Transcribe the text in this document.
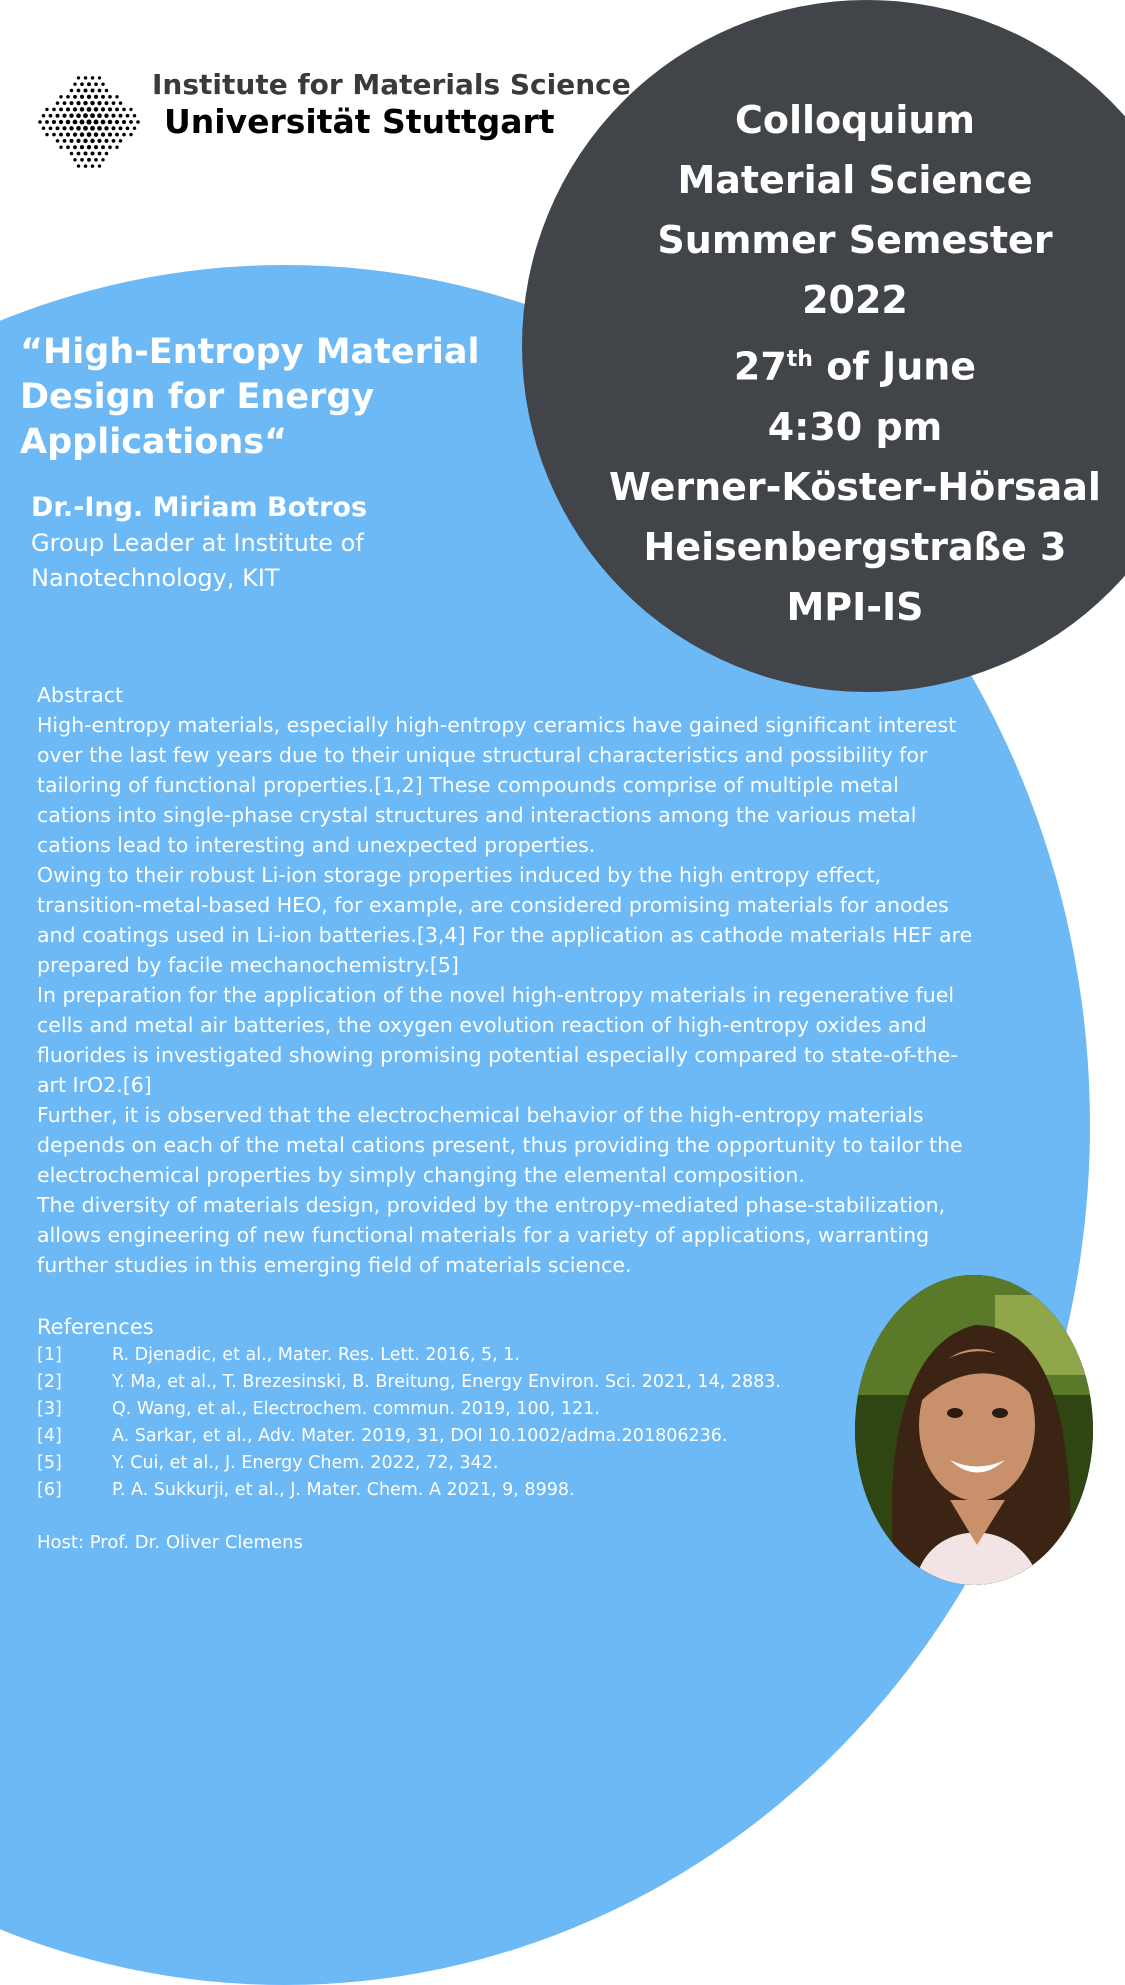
Institute for Materials Science
Universität Stuttgart	Colloquium
Material Science
Summer Semester
2022
27th of June
4:30 pm
Werner-Köster-Hörsaal
Heisenbergstraße 3
MPI-IS
“High-Entropy Material Design for Energy Applications“
Dr.-Ing. Miriam Botros
Group Leader at Institute of Nanotechnology, KIT

Abstract

High-entropy materials, especially high-entropy ceramics have gained significant interest over the last few years due to their unique structural characteristics and possibility for tailoring of functional properties.[1,2] These compounds comprise of multiple metal cations into single-phase crystal structures and interactions among the various metal cations lead to interesting and unexpected properties.

Owing to their robust Li-ion storage properties induced by the high entropy effect, transition-metal-based HEO, for example, are considered promising materials for anodes and coatings used in Li-ion batteries.[3,4] For the application as cathode materials HEF are prepared by facile mechanochemistry.[5]

In preparation for the application of the novel high-entropy materials in regenerative fuel cells and metal air batteries, the oxygen evolution reaction of high-entropy oxides and fluorides is investigated showing promising potential especially compared to state-of-the-art IrO2.[6]

Further, it is observed that the electrochemical behavior of the high-entropy materials depends on each of the metal cations present, thus providing the opportunity to tailor the electrochemical properties by simply changing the elemental composition.

The diversity of materials design, provided by the entropy-mediated phase-stabilization, allows engineering of new functional materials for a variety of applications, warranting further studies in this emerging field of materials science.

References
[1]	R. Djenadic, et al., Mater. Res. Lett. 2016, 5, 1.
[2]	Y. Ma, et al., T. Brezesinski, B. Breitung, Energy Environ. Sci. 2021, 14, 2883.
[3]	Q. Wang, et al., Electrochem. commun. 2019, 100, 121.
[4]	A. Sarkar, et al., Adv. Mater. 2019, 31, DOI 10.1002/adma.201806236.
[5]	Y. Cui, et al., J. Energy Chem. 2022, 72, 342.
[6]	P. A. Sukkurji, et al., J. Mater. Chem. A 2021, 9, 8998.
Host: Prof. Dr. Oliver Clemens
